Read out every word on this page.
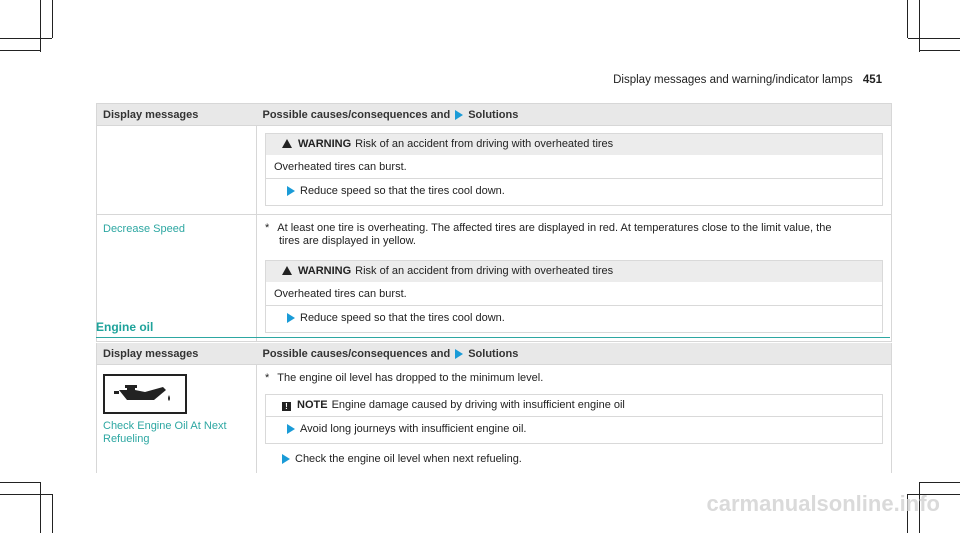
Display messages and warning/indicator lamps 451
Display messages	Possible causes/consequences and Solutions

	WARNING Risk of an accident from driving with overheated tires
Overheated tires can burst.
Reduce speed so that the tires cool down.

Decrease Speed	* At least one tire is overheating. The affected tires are displayed in red. At temperatures close to the limit value, the
tires are displayed in yellow.
WARNING Risk of an accident from driving with overheated tires
Overheated tires can burst.
Reduce speed so that the tires cool down.
Engine oil
Display messages	Possible causes/consequences and Solutions

Check Engine Oil At Next Refueling	* The engine oil level has dropped to the minimum level.
! NOTE Engine damage caused by driving with insufficient engine oil
Avoid long journeys with insufficient engine oil.
Check the engine oil level when next refueling.
carmanualsonline.info
